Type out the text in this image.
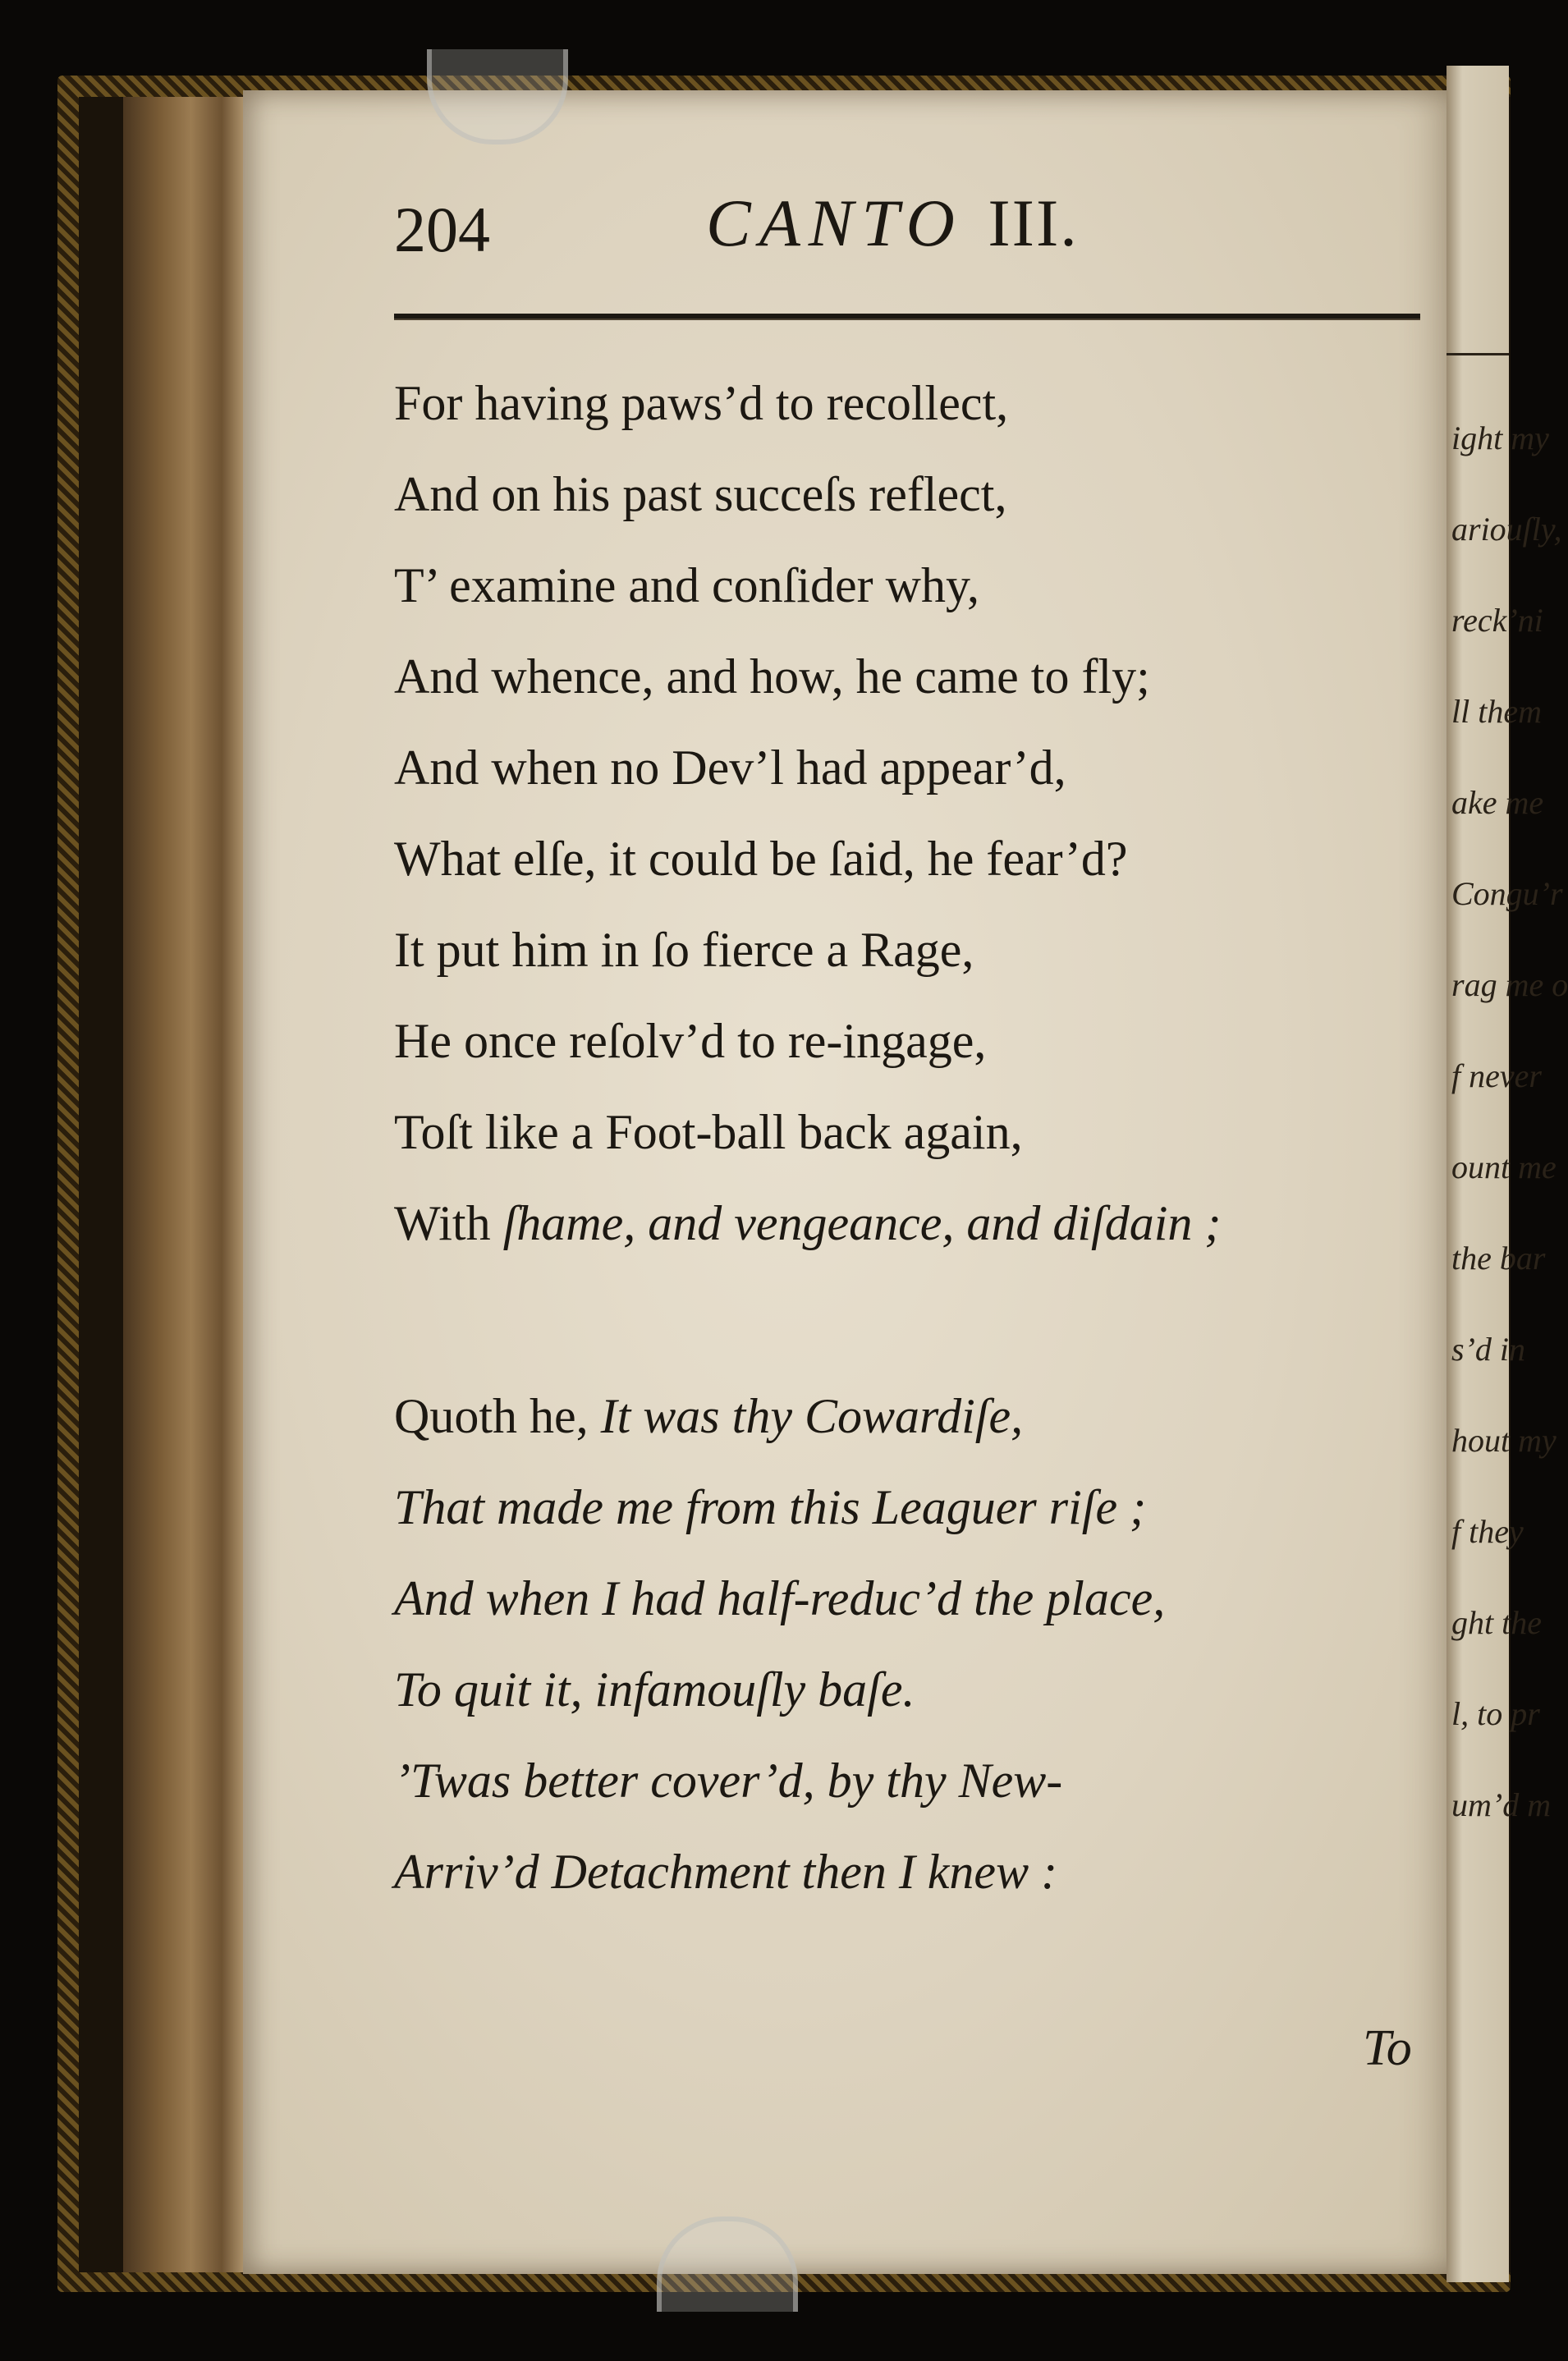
ight my
ariouſly,
reck’ni
ll them
ake me
Congu’r
rag me o
f never
ount me
the bar
s’d in
hout my
f they
ght the
l, to pr
um’d m
204	CANTO III.
For having paws’d to recollect,
And on his past succeſs reflect,
T’ examine and conſider why,
And whence, and how, he came to fly;
And when no Dev’l had appear’d,
What elſe, it could be ſaid, he fear’d?
It put him in ſo fierce a Rage,
He once reſolv’d to re-ingage,
Toſt like a Foot-ball back again,
With ſhame, and vengeance, and diſdain ;
Quoth he, It was thy Cowardiſe,
That made me from this Leaguer riſe ;
And when I had half-reduc’d the place,
To quit it, infamouſly baſe.
’Twas better cover’d, by thy New-
Arriv’d Detachment then I knew :
To
